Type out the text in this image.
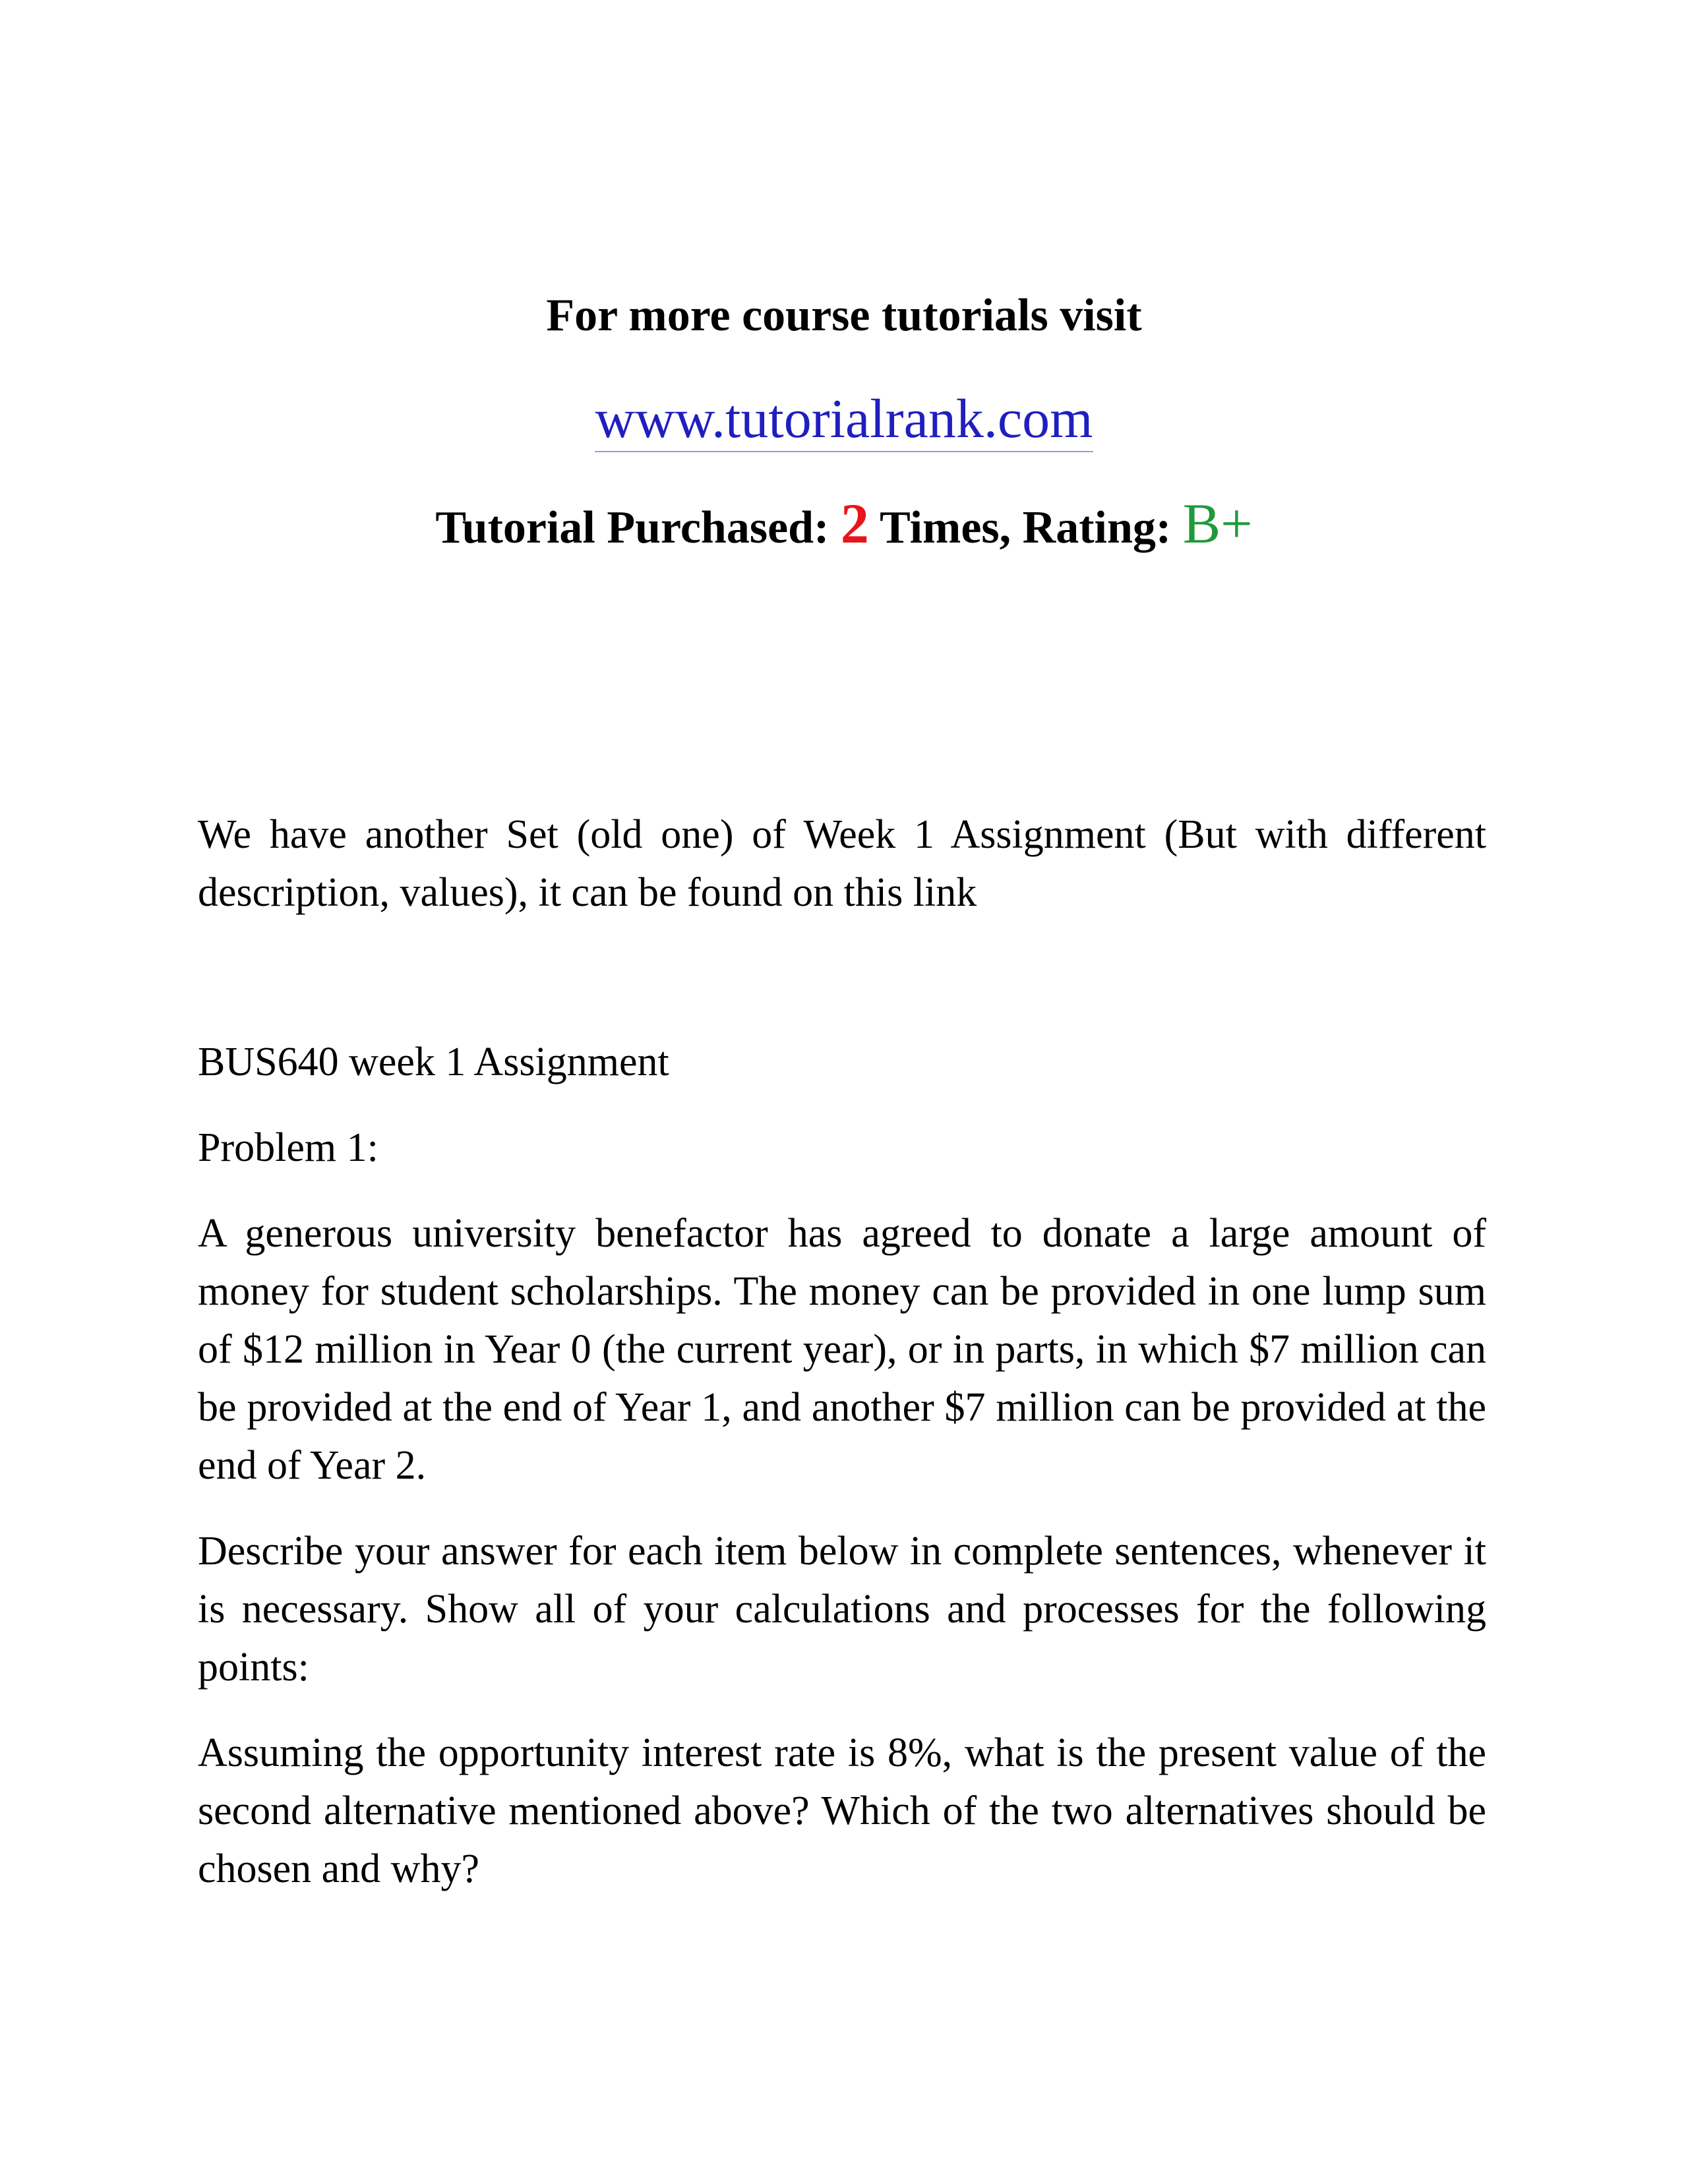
For more course tutorials visit
www.tutorialrank.com
Tutorial Purchased: 2 Times, Rating: B+

We have another Set (old one) of Week 1 Assignment (But with different description, values), it can be found on this link

BUS640 week 1 Assignment

Problem 1:

A generous university benefactor has agreed to donate a large amount of money for student scholarships. The money can be provided in one lump sum of $12 million in Year 0 (the current year), or in parts, in which $7 million can be provided at the end of Year 1, and another $7 million can be provided at the end of Year 2.

Describe your answer for each item below in complete sentences, whenever it is necessary. Show all of your calculations and processes for the following points:

Assuming the opportunity interest rate is 8%, what is the present value of the second alternative mentioned above? Which of the two alternatives should be chosen and why?
